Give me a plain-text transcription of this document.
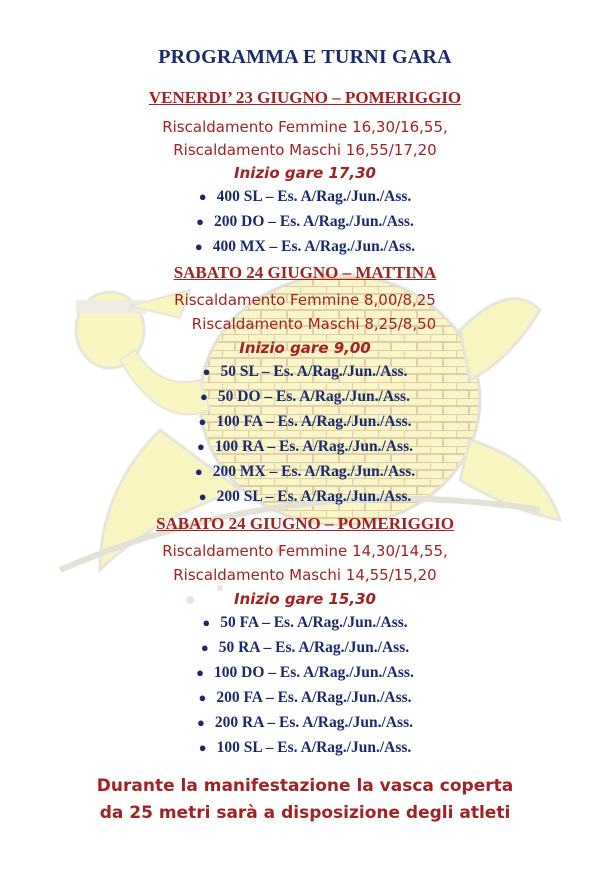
PROGRAMMA E TURNI GARA
VENERDI’ 23 GIUGNO – POMERIGGIO
Riscaldamento Femmine 16,30/16,55,
Riscaldamento Maschi 16,55/17,20
Inizio gare 17,30
● 400 SL – Es. A/Rag./Jun./Ass.
● 200 DO – Es. A/Rag./Jun./Ass.
● 400 MX – Es. A/Rag./Jun./Ass.
SABATO 24 GIUGNO – MATTINA
Riscaldamento Femmine 8,00/8,25
Riscaldamento Maschi 8,25/8,50
Inizio gare 9,00
● 50 SL – Es. A/Rag./Jun./Ass.
● 50 DO – Es. A/Rag./Jun./Ass.
● 100 FA – Es. A/Rag./Jun./Ass.
● 100 RA – Es. A/Rag./Jun./Ass.
● 200 MX – Es. A/Rag./Jun./Ass.
● 200 SL – Es. A/Rag./Jun./Ass.
SABATO 24 GIUGNO – POMERIGGIO
Riscaldamento Femmine 14,30/14,55,
Riscaldamento Maschi 14,55/15,20
Inizio gare 15,30
● 50 FA – Es. A/Rag./Jun./Ass.
● 50 RA – Es. A/Rag./Jun./Ass.
● 100 DO – Es. A/Rag./Jun./Ass.
● 200 FA – Es. A/Rag./Jun./Ass.
● 200 RA – Es. A/Rag./Jun./Ass.
● 100 SL – Es. A/Rag./Jun./Ass.
Durante la manifestazione la vasca coperta
da 25 metri sarà a disposizione degli atleti
